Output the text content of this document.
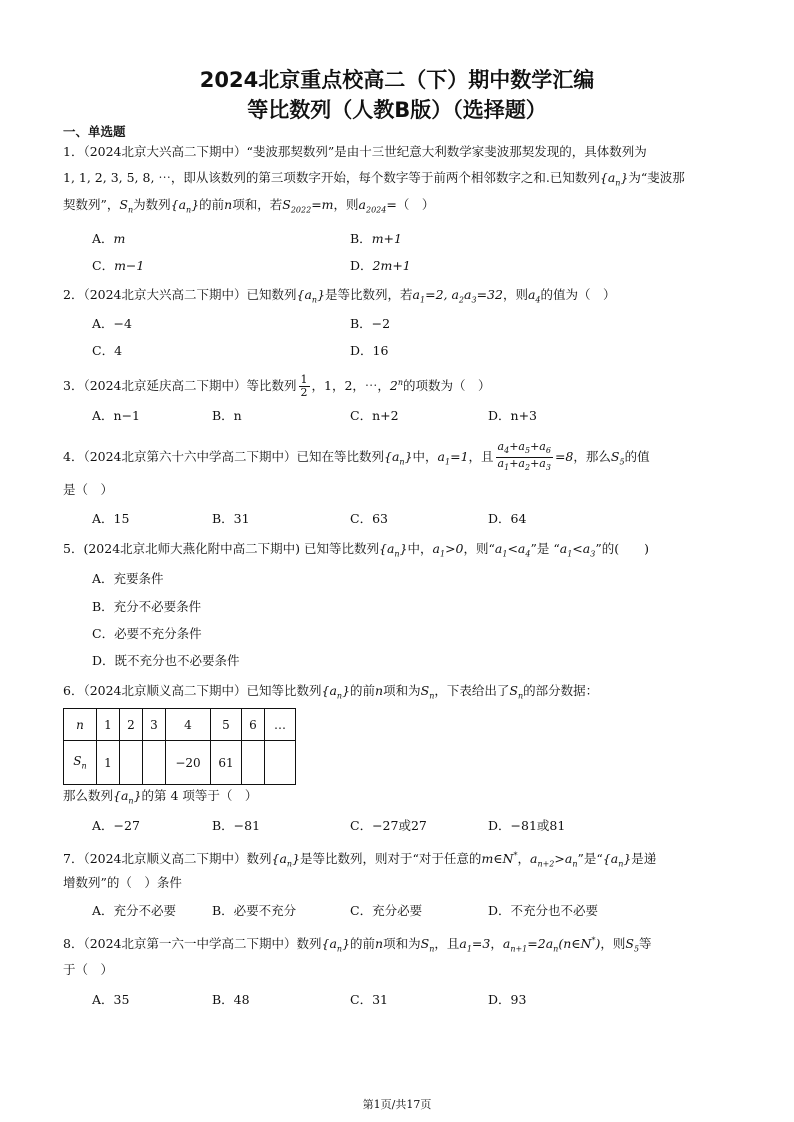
2024北京重点校高二（下）期中数学汇编
等比数列（人教B版）（选择题）
一、单选题
1．（2024北京大兴高二下期中）“斐波那契数列”是由十三世纪意大利数学家斐波那契发现的，具体数列为
1, 1, 2, 3, 5, 8, ⋯，即从该数列的第三项数字开始，每个数字等于前两个相邻数字之和.已知数列$\{a_n\}$为“斐波那
契数列”，$S_n$为数列$\{a_n\}$的前n项和，若$S_{2022}=m$，则$a_{2024}=$（　）
A．m	B．m+1
C．m−1	D．2m+1
2．（2024北京大兴高二下期中）已知数列$\{a_n\}$是等比数列，若$a_1=2$, $a_2a_3=32$，则$a_4$的值为（　）
A．−4	B．−2
C．4	D．16
3．（2024北京延庆高二下期中）等比数列 $\frac{1}{2}$ ，1，2，⋯，2$^n$的项数为（　）
A．n−1	B．n	C．n+2	D．n+3
4．（2024北京第六十六中学高二下期中）已知在等比数列$\{a_n\}$中，$a_1=1$，且 $\frac{a_4+a_5+a_6}{a_1+a_2+a_3} =8$，那么$S_5$的值
是（　）
A．15	B．31	C．63	D．64
5．(2024北京北师大燕化附中高二下期中) 已知等比数列$\{a_n\}$中，$a_1>0$，则“$a_1<a_4$”是 “$a_1<a_3$”的(　　)
A．充要条件
B．充分不必要条件
C．必要不充分条件
D．既不充分也不必要条件
6．（2024北京顺义高二下期中）已知等比数列$\{a_n\}$的前n项和为$S_n$，下表给出了$S_n$的部分数据：
n	1	2	3	4	5	6	…
$S_n$	1			−20	61		
那么数列$\{a_n\}$的第 4 项等于（　）
A．−27	B．−81	C．−27或27	D．−81或81
7．（2024北京顺义高二下期中）数列$\{a_n\}$是等比数列，则对于“对于任意的m∈N*，$a_{n+2}>a_n$”是“$\{a_n\}$是递
增数列”的（　）条件
A．充分不必要	B．必要不充分	C．充分必要	D．不充分也不必要
8．（2024北京第一六一中学高二下期中）数列$\{a_n\}$的前n项和为$S_n$，且$a_1=3$，$a_{n+1}=2a_n(n\in N^*)$，则$S_5$等
于（　）
A．35	B．48	C．31	D．93
第1页/共17页
